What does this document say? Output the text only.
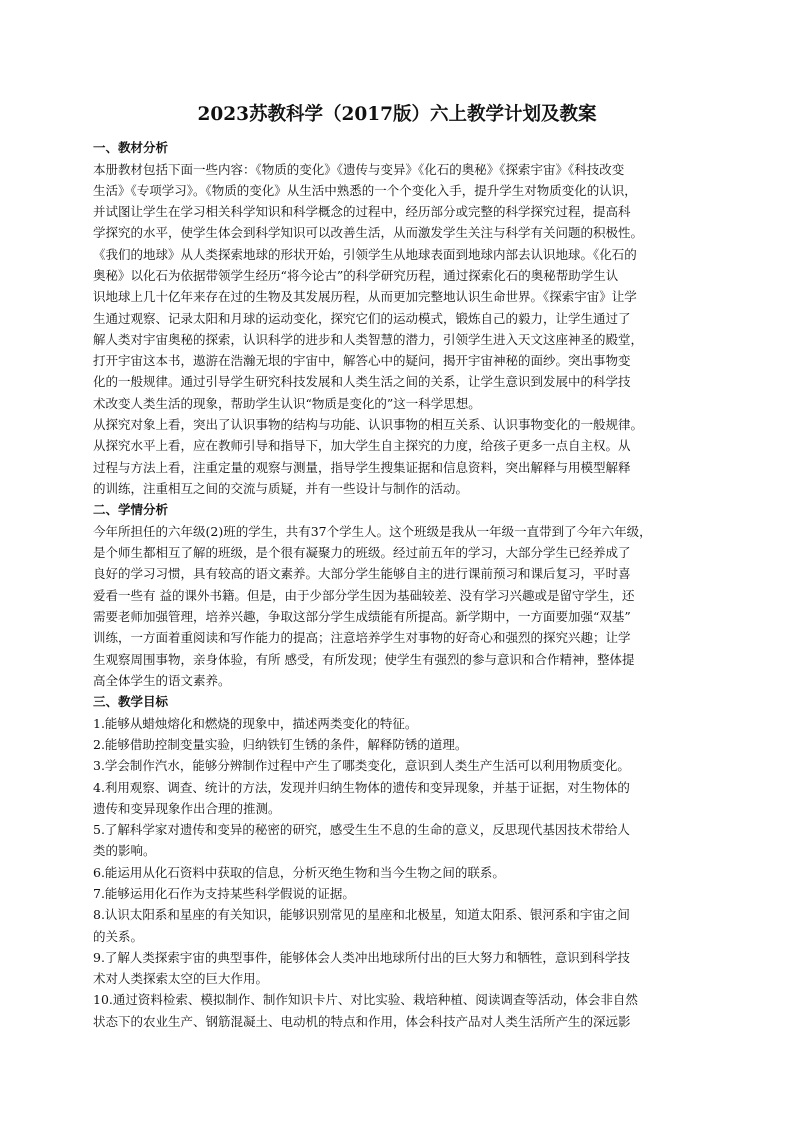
2023苏教科学（2017版）六上教学计划及教案
一、教材分析
本册教材包括下面一些内容：《物质的变化》《遗传与变异》《化石的奥秘》《探索宇宙》《科技改变
生活》《专项学习》。《物质的变化》从生活中熟悉的一个个变化入手，提升学生对物质变化的认识，
并试图让学生在学习相关科学知识和科学概念的过程中，经历部分或完整的科学探究过程，提高科
学探究的水平，使学生体会到科学知识可以改善生活，从而激发学生关注与科学有关问题的积极性。
《我们的地球》从人类探索地球的形状开始，引领学生从地球表面到地球内部去认识地球。《化石的
奥秘》以化石为依据带领学生经历“将今论古”的科学研究历程，通过探索化石的奥秘帮助学生认
识地球上几十亿年来存在过的生物及其发展历程，从而更加完整地认识生命世界。《探索宇宙》让学
生通过观察、记录太阳和月球的运动变化，探究它们的运动模式，锻炼自己的毅力，让学生通过了
解人类对宇宙奥秘的探索，认识科学的进步和人类智慧的潜力，引领学生进入天文这座神圣的殿堂，
打开宇宙这本书，遨游在浩瀚无垠的宇宙中，解答心中的疑问，揭开宇宙神秘的面纱。突出事物变
化的一般规律。通过引导学生研究科技发展和人类生活之间的关系，让学生意识到发展中的科学技
术改变人类生活的现象，帮助学生认识“物质是变化的”这一科学思想。
从探究对象上看，突出了认识事物的结构与功能、认识事物的相互关系、认识事物变化的一般规律。
从探究水平上看，应在教师引导和指导下，加大学生自主探究的力度，给孩子更多一点自主权。从
过程与方法上看，注重定量的观察与测量，指导学生搜集证据和信息资料，突出解释与用模型解释
的训练，注重相互之间的交流与质疑，并有一些设计与制作的活动。
二、学情分析
今年所担任的六年级(2)班的学生，共有37个学生人。这个班级是我从一年级一直带到了今年六年级，
是个师生都相互了解的班级，是个很有凝聚力的班级。经过前五年的学习，大部分学生已经养成了
良好的学习习惯，具有较高的语文素养。大部分学生能够自主的进行课前预习和课后复习，平时喜
爱看一些有 益的课外书籍。但是，由于少部分学生因为基础较差、没有学习兴趣或是留守学生，还
需要老师加强管理，培养兴趣，争取这部分学生成绩能有所提高。新学期中，一方面要加强“双基”
训练，一方面着重阅读和写作能力的提高；注意培养学生对事物的好奇心和强烈的探究兴趣；让学
生观察周围事物，亲身体验，有所 感受，有所发现；使学生有强烈的参与意识和合作精神，整体提
高全体学生的语文素养。
三、教学目标
1.能够从蜡烛熔化和燃烧的现象中，描述两类变化的特征。
2.能够借助控制变量实验，归纳铁钉生锈的条件，解释防锈的道理。
3.学会制作汽水，能够分辨制作过程中产生了哪类变化，意识到人类生产生活可以利用物质变化。
4.利用观察、调查、统计的方法，发现并归纳生物体的遗传和变异现象，并基于证据，对生物体的
遗传和变异现象作出合理的推测。
5.了解科学家对遗传和变异的秘密的研究，感受生生不息的生命的意义，反思现代基因技术带给人
类的影响。
6.能运用从化石资料中获取的信息，分析灭绝生物和当今生物之间的联系。
7.能够运用化石作为支持某些科学假说的证据。
8.认识太阳系和星座的有关知识，能够识别常见的星座和北极星，知道太阳系、银河系和宇宙之间
的关系。
9.了解人类探索宇宙的典型事件，能够体会人类冲出地球所付出的巨大努力和牺牲，意识到科学技
术对人类探索太空的巨大作用。
10.通过资料检索、模拟制作、制作知识卡片、对比实验、栽培种植、阅读调查等活动，体会非自然
状态下的农业生产、钢筋混凝土、电动机的特点和作用，体会科技产品对人类生活所产生的深远影
